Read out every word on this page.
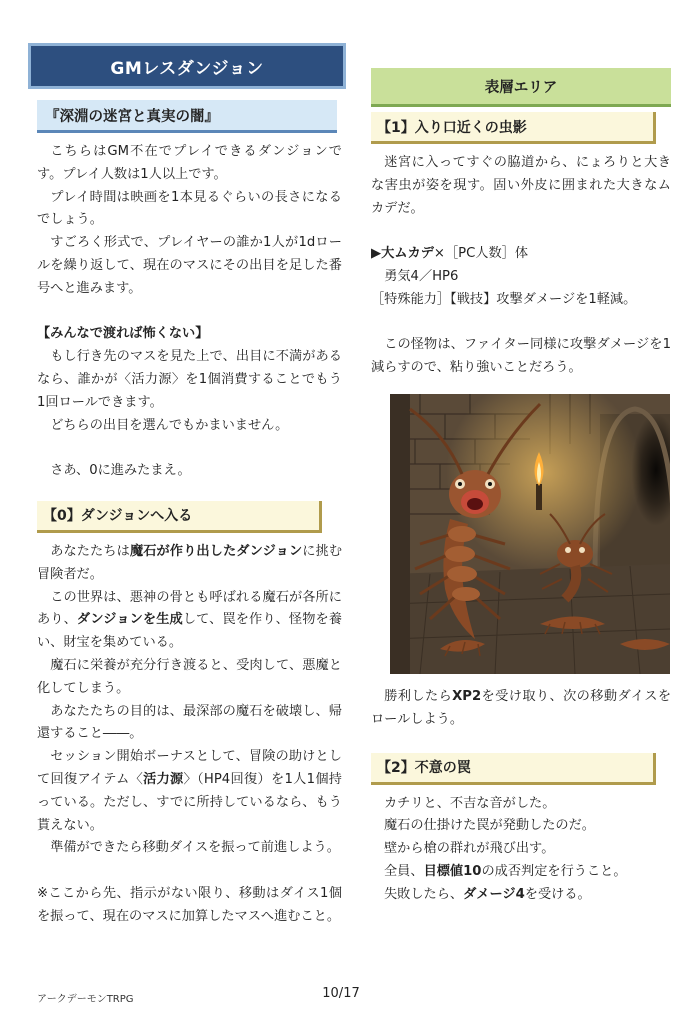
GMレスダンジョン
『深淵の迷宮と真実の闇』

こちらはGM不在でプレイできるダンジョンです。プレイ人数は1人以上です。

プレイ時間は映画を1本見るぐらいの長さになるでしょう。

すごろく形式で、プレイヤーの誰か1人が1dロールを繰り返して、現在のマスにその出目を足した番号へと進みます。

【みんなで渡れば怖くない】

もし行き先のマスを見た上で、出目に不満があるなら、誰かが〈活力源〉を1個消費することでもう1回ロールできます。

どちらの出目を選んでもかまいません。

さあ、0に進みたまえ。

【0】ダンジョンへ入る

あなたたちは魔石が作り出したダンジョンに挑む冒険者だ。

この世界は、悪神の骨とも呼ばれる魔石が各所にあり、ダンジョンを生成して、罠を作り、怪物を養い、財宝を集めている。

魔石に栄養が充分行き渡ると、受肉して、悪魔と化してしまう。

あなたたちの目的は、最深部の魔石を破壊し、帰還すること――。

セッション開始ボーナスとして、冒険の助けとして回復アイテム〈活力源〉（HP4回復）を1人1個持っている。ただし、すでに所持しているなら、もう貰えない。

準備ができたら移動ダイスを振って前進しよう。

※ここから先、指示がない限り、移動はダイス1個を振って、現在のマスに加算したマスへ進むこと。

表層エリア
【1】入り口近くの虫影

迷宮に入ってすぐの脇道から、にょろりと大きな害虫が姿を現す。固い外皮に囲まれた大きなムカデだ。

▶大ムカデ×［PC人数］体

勇気4／HP6

［特殊能力］【戦技】攻撃ダメージを1軽減。

この怪物は、ファイター同様に攻撃ダメージを1減らすので、粘り強いことだろう。

勝利したらXP2を受け取り、次の移動ダイスをロールしよう。

【2】不意の罠

カチリと、不吉な音がした。

魔石の仕掛けた罠が発動したのだ。

壁から槍の群れが飛び出す。

全員、目標値10の成否判定を行うこと。

失敗したら、ダメージ4を受ける。

アークデーモンTRPG	10/17
